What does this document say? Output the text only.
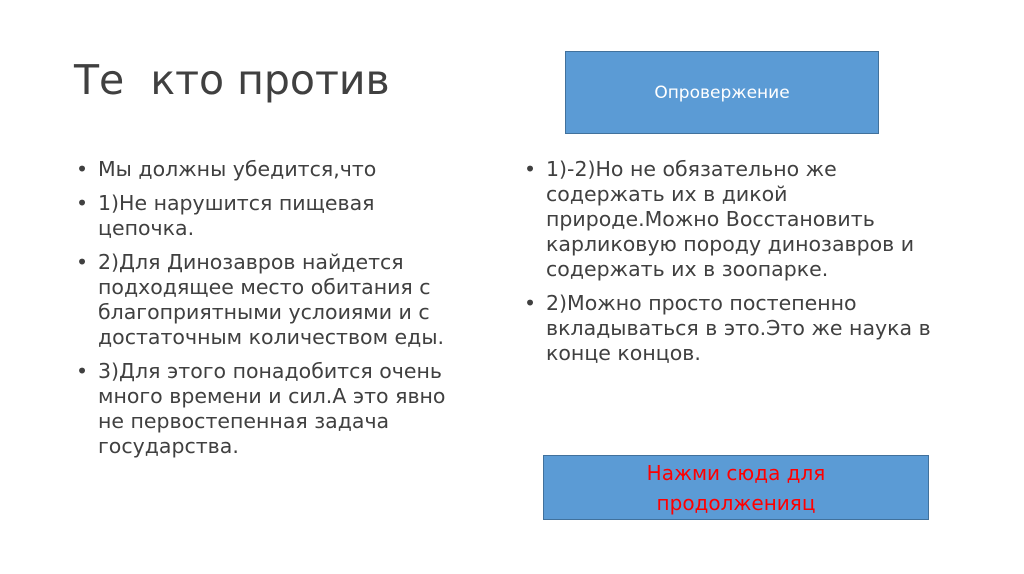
Те  кто против	Опровержение
• Мы должны убедится,что
• 1)Не нарушится пищевая цепочка.
• 2)Для Динозавров найдется подходящее место обитания с благоприятными услоиями и с достаточным количеством еды.
• 3)Для этого понадобится очень много времени и сил.А это явно не первостепенная задача государства.
• 1)-2)Но не обязательно же содержать их в дикой природе.Можно Восстановить карликовую породу динозавров и содержать их в зоопарке.
• 2)Можно просто постепенно вкладываться в это.Это же наука в конце концов.
Нажми сюда для продолженияц
